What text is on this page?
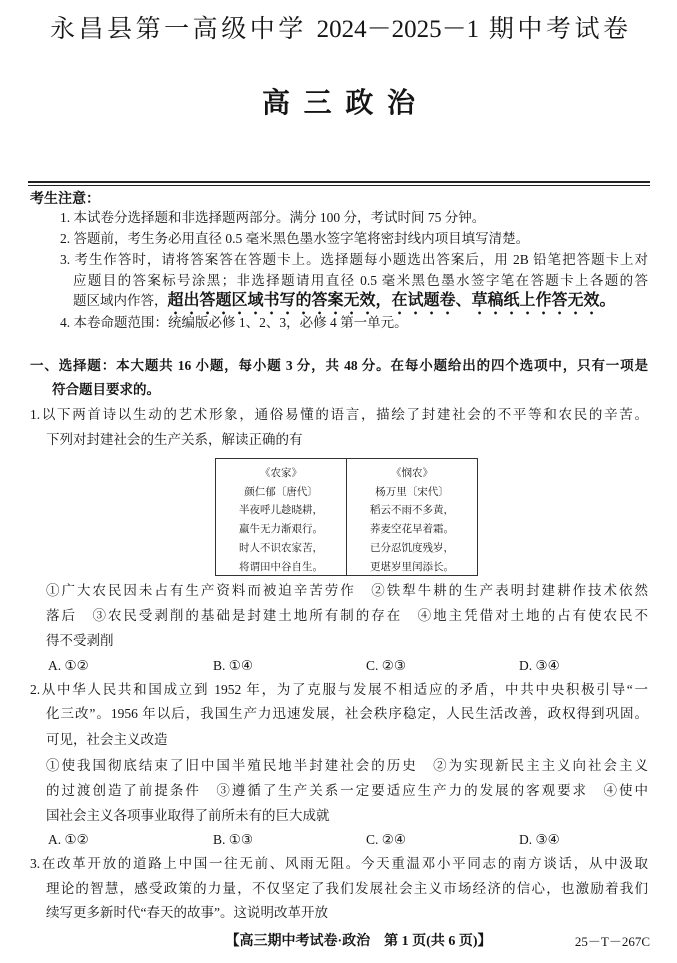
永昌县第一高级中学 2024－2025－1 期中考试卷
高 三 政 治
考生注意：
1. 本试卷分选择题和非选择题两部分。满分 100 分，考试时间 75 分钟。
2. 答题前，考生务必用直径 0.5 毫米黑色墨水签字笔将密封线内项目填写清楚。
3. 考生作答时，请将答案答在答题卡上。选择题每小题选出答案后，用 2B 铅笔把答题卡上对
应题目的答案标号涂黑；非选择题请用直径 0.5 毫米黑色墨水签字笔在答题卡上各题的答
题区域内作答，超出答题区域书写的答案无效，在试题卷、草稿纸上作答无效。
4. 本卷命题范围：统编版必修 1、2、3，必修 4 第一单元。
一、选择题：本大题共 16 小题，每小题 3 分，共 48 分。在每小题给出的四个选项中，只有一项是
符合题目要求的。
1.以下两首诗以生动的艺术形象，通俗易懂的语言，描绘了封建社会的不平等和农民的辛苦。
下列对封建社会的生产关系，解读正确的有
《农家》
颜仁郁〔唐代〕
半夜呼儿趁晓耕，
羸牛无力渐艰行。
时人不识农家苦，
将谓田中谷自生。
《悯农》
杨万里〔宋代〕
稻云不雨不多黄，
荞麦空花早着霜。
已分忍饥度残岁，
更堪岁里闰添长。
①广大农民因未占有生产资料而被迫辛苦劳作　②铁犁牛耕的生产表明封建耕作技术依然
落后　③农民受剥削的基础是封建土地所有制的存在　④地主凭借对土地的占有使农民不
得不受剥削
A. ①②	B. ①④	C. ②③	D. ③④
2.从中华人民共和国成立到 1952 年，为了克服与发展不相适应的矛盾，中共中央积极引导“一
化三改”。1956 年以后，我国生产力迅速发展，社会秩序稳定，人民生活改善，政权得到巩固。
可见，社会主义改造
①使我国彻底结束了旧中国半殖民地半封建社会的历史　②为实现新民主主义向社会主义
的过渡创造了前提条件　③遵循了生产关系一定要适应生产力的发展的客观要求　④使中
国社会主义各项事业取得了前所未有的巨大成就
A. ①②	B. ①③	C. ②④	D. ③④
3.在改革开放的道路上中国一往无前、风雨无阻。今天重温邓小平同志的南方谈话，从中汲取
理论的智慧，感受政策的力量，不仅坚定了我们发展社会主义市场经济的信心，也激励着我们
续写更多新时代“春天的故事”。这说明改革开放
【高三期中考试卷·政治　第 1 页(共 6 页)】	25－T－267C
